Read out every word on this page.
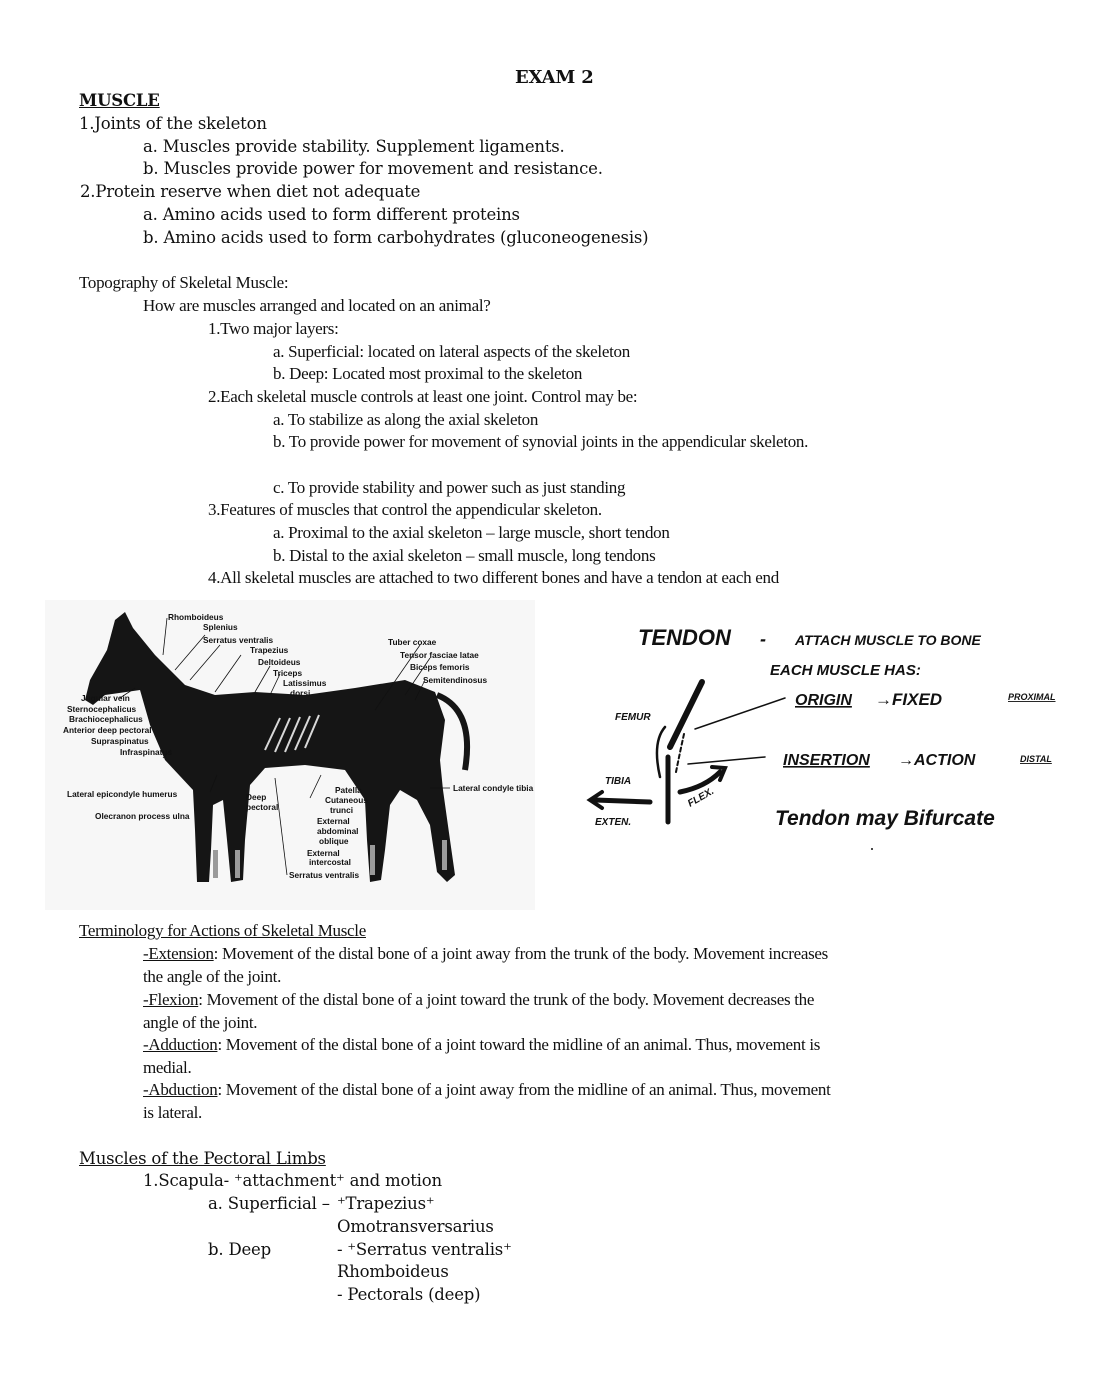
EXAM 2
MUSCLE
1.Joints of the skeleton
a. Muscles provide stability. Supplement ligaments.
b. Muscles provide power for movement and resistance.
2.Protein reserve when diet not adequate
a. Amino acids used to form different proteins
b. Amino acids used to form carbohydrates (gluconeogenesis)
Topography of Skeletal Muscle:
How are muscles arranged and located on an animal?
1.Two major layers:
a. Superficial: located on lateral aspects of the skeleton
b. Deep: Located most proximal to the skeleton
2.Each skeletal muscle controls at least one joint. Control may be:
a. To stabilize as along the axial skeleton
b. To provide power for movement of synovial joints in the appendicular skeleton.
c. To provide stability and power such as just standing
3.Features of muscles that control the appendicular skeleton.
a. Proximal to the axial skeleton – large muscle, short tendon
b. Distal to the axial skeleton – small muscle, long tendons
4.All skeletal muscles are attached to two different bones and have a tendon at each end
Rhomboideus
Splenius
Serratus ventralis
Trapezius
Deltoideus
Triceps
Latissimus
dorsi
Tuber coxae
Tensor fasciae latae
Biceps femoris
Semitendinosus
Jugular vein
Sternocephalicus
Brachiocephalicus
Anterior deep pectoral
Supraspinatus
Infraspinatus
Lateral epicondyle humerus
Olecranon process ulna
Deep
pectoral
Patella
Cutaneous
trunci
External
abdominal
oblique
External
intercostal
Serratus ventralis
Lateral condyle tibia
TENDON - ATTACH MUSCLE TO BONE
EACH MUSCLE HAS:
ORIGIN →FIXED	PROXIMAL
INSERTION →ACTION	DISTAL
Tendon may Bifurcate
FEMUR
TIBIA
FLEX.
EXTEN.
Terminology for Actions of Skeletal Muscle
-Extension: Movement of the distal bone of a joint away from the trunk of the body. Movement increases
the angle of the joint.
-Flexion: Movement of the distal bone of a joint toward the trunk of the body. Movement decreases the
angle of the joint.
-Adduction: Movement of the distal bone of a joint toward the midline of an animal. Thus, movement is
medial.
-Abduction: Movement of the distal bone of a joint away from the midline of an animal. Thus, movement
is lateral.
Muscles of the Pectoral Limbs
1.Scapula- ⁺attachment⁺ and motion
a. Superficial – ⁺Trapezius⁺
Omotransversarius
b. Deep	- ⁺Serratus ventralis⁺
Rhomboideus
- Pectorals (deep)
